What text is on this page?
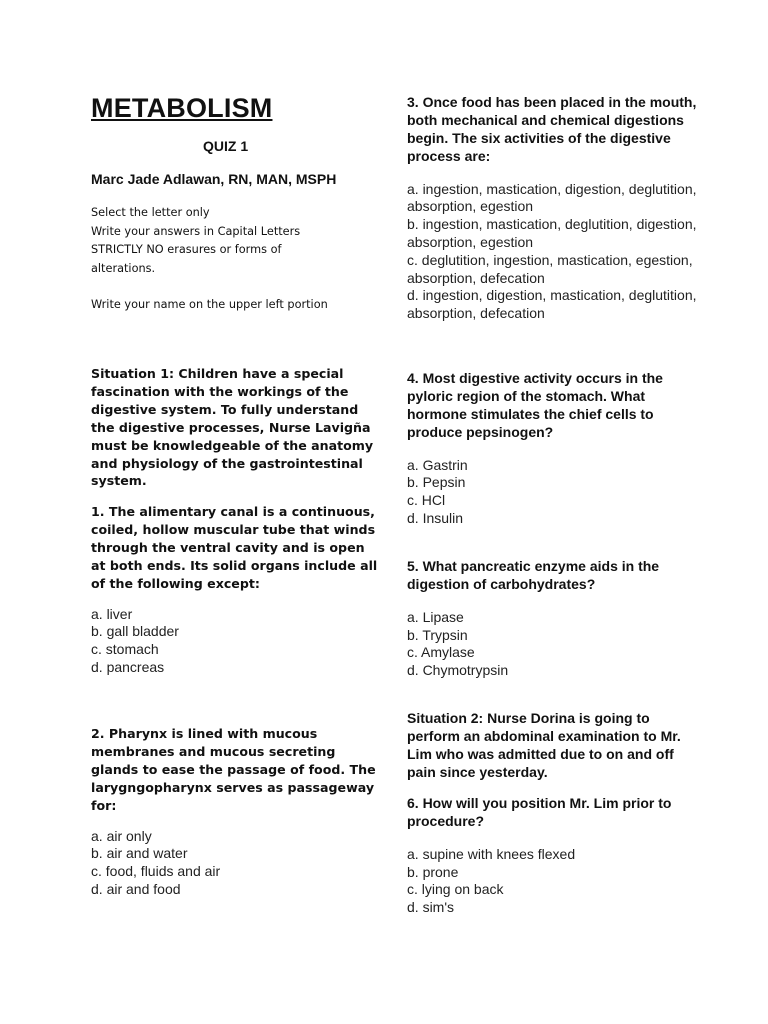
METABOLISM
QUIZ 1
Marc Jade Adlawan, RN, MAN, MSPH
Select the letter only
Write your answers in Capital Letters
STRICTLY NO erasures or forms of
alterations.
Write your name on the upper left portion

Situation 1: Children have a special fascination with the workings of the digestive system. To fully understand the digestive processes, Nurse Lavigña must be knowledgeable of the anatomy and physiology of the gastrointestinal system.

1. The alimentary canal is a continuous, coiled, hollow muscular tube that winds through the ventral cavity and is open at both ends. Its solid organs include all of the following except:

a. liver
b. gall bladder
c. stomach
d. pancreas

2. Pharynx is lined with mucous membranes and mucous secreting glands to ease the passage of food. The larygngopharynx serves as passageway for:

a. air only
b. air and water
c. food, fluids and air
d. air and food

3. Once food has been placed in the mouth, both mechanical and chemical digestions begin. The six activities of the digestive process are:

a. ingestion, mastication, digestion, deglutition, absorption, egestion
b. ingestion, mastication, deglutition, digestion, absorption, egestion
c. deglutition, ingestion, mastication, egestion, absorption, defecation
d. ingestion, digestion, mastication, deglutition, absorption, defecation

4. Most digestive activity occurs in the pyloric region of the stomach. What hormone stimulates the chief cells to produce pepsinogen?

a. Gastrin
b. Pepsin
c. HCl
d. Insulin

5. What pancreatic enzyme aids in the digestion of carbohydrates?

a. Lipase
b. Trypsin
c. Amylase
d. Chymotrypsin

Situation 2: Nurse Dorina is going to perform an abdominal examination to Mr. Lim who was admitted due to on and off pain since yesterday.

6. How will you position Mr. Lim prior to procedure?

a. supine with knees flexed
b. prone
c. lying on back
d. sim's
